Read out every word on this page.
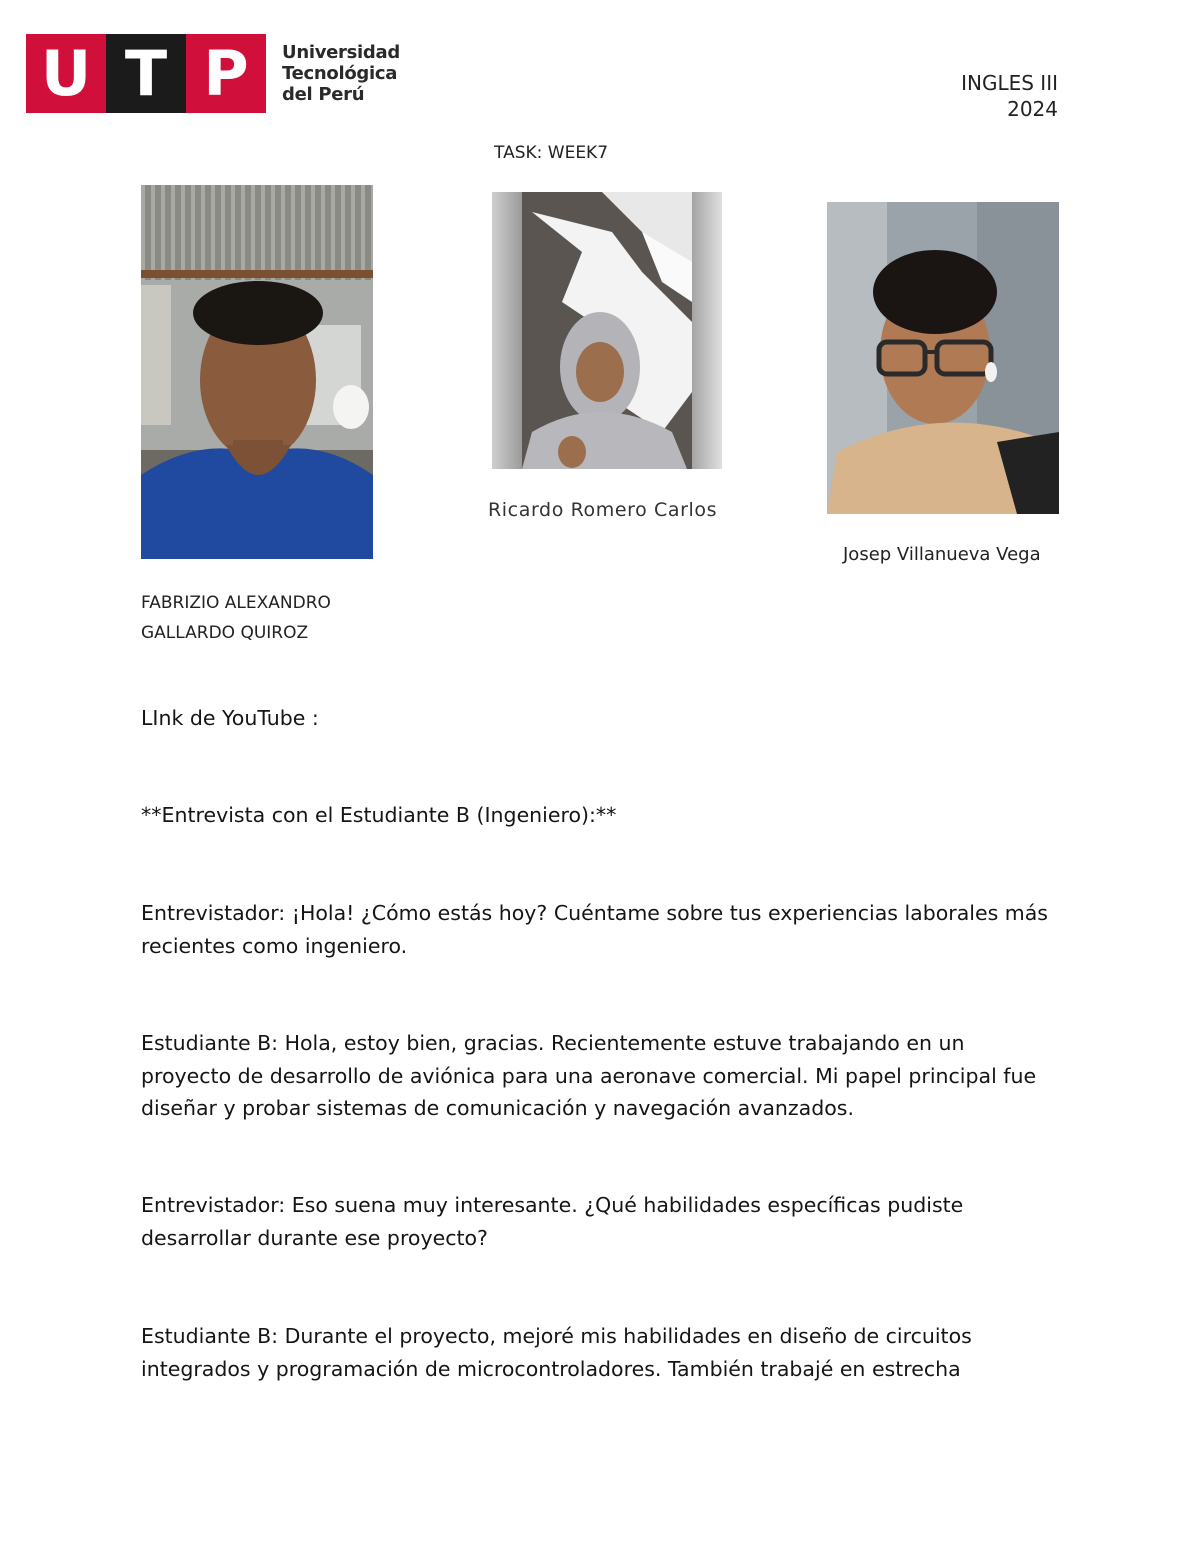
U T P	Universidad
Tecnológica
del Perú	INGLES III
2024
TASK: WEEK7
Ricardo Romero Carlos
Josep Villanueva Vega
FABRIZIO ALEXANDRO
GALLARDO QUIROZ
LInk de YouTube :
**Entrevista con el Estudiante B (Ingeniero):**
Entrevistador: ¡Hola! ¿Cómo estás hoy? Cuéntame sobre tus experiencias laborales más recientes como ingeniero.
Estudiante B: Hola, estoy bien, gracias. Recientemente estuve trabajando en un proyecto de desarrollo de aviónica para una aeronave comercial. Mi papel principal fue diseñar y probar sistemas de comunicación y navegación avanzados.
Entrevistador: Eso suena muy interesante. ¿Qué habilidades específicas pudiste desarrollar durante ese proyecto?
Estudiante B: Durante el proyecto, mejoré mis habilidades en diseño de circuitos integrados y programación de microcontroladores. También trabajé en estrecha
